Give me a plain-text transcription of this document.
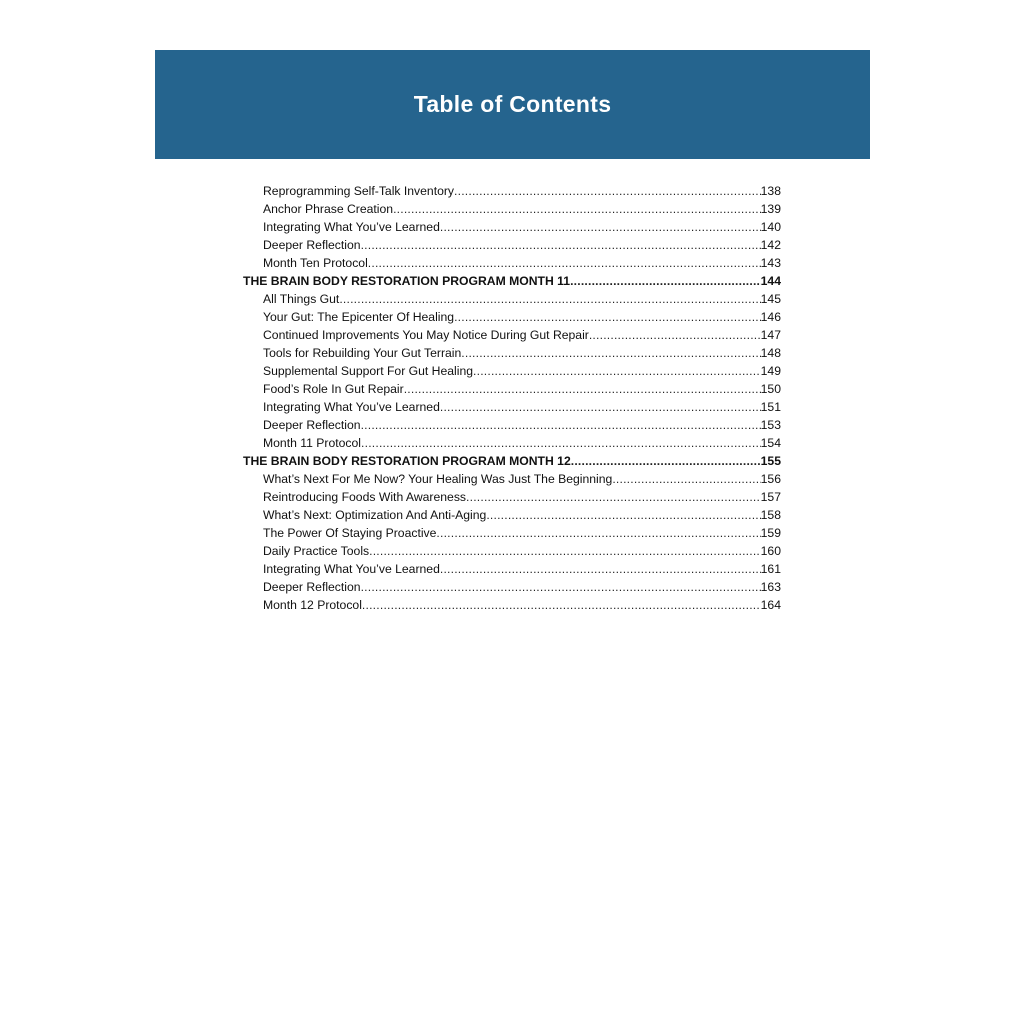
Table of Contents
Reprogramming Self-Talk Inventory .....	138
Anchor Phrase Creation .....	139
Integrating What You’ve Learned .....	140
Deeper Reflection .....	142
Month Ten Protocol .....	143
THE BRAIN BODY RESTORATION PROGRAM MONTH 11 .....	144
All Things Gut .....	145
Your Gut: The Epicenter Of Healing .....	146
Continued Improvements You May Notice During Gut Repair .....	147
Tools for Rebuilding Your Gut Terrain .....	148
Supplemental Support For Gut Healing .....	149
Food’s Role In Gut Repair .....	150
Integrating What You’ve Learned .....	151
Deeper Reflection .....	153
Month 11 Protocol .....	154
THE BRAIN BODY RESTORATION PROGRAM MONTH 12 .....	155
What’s Next For Me Now? Your Healing Was Just The Beginning .....	156
Reintroducing Foods With Awareness .....	157
What’s Next: Optimization And Anti-Aging .....	158
The Power Of Staying Proactive .....	159
Daily Practice Tools .....	160
Integrating What You’ve Learned .....	161
Deeper Reflection .....	163
Month 12 Protocol .....	164
